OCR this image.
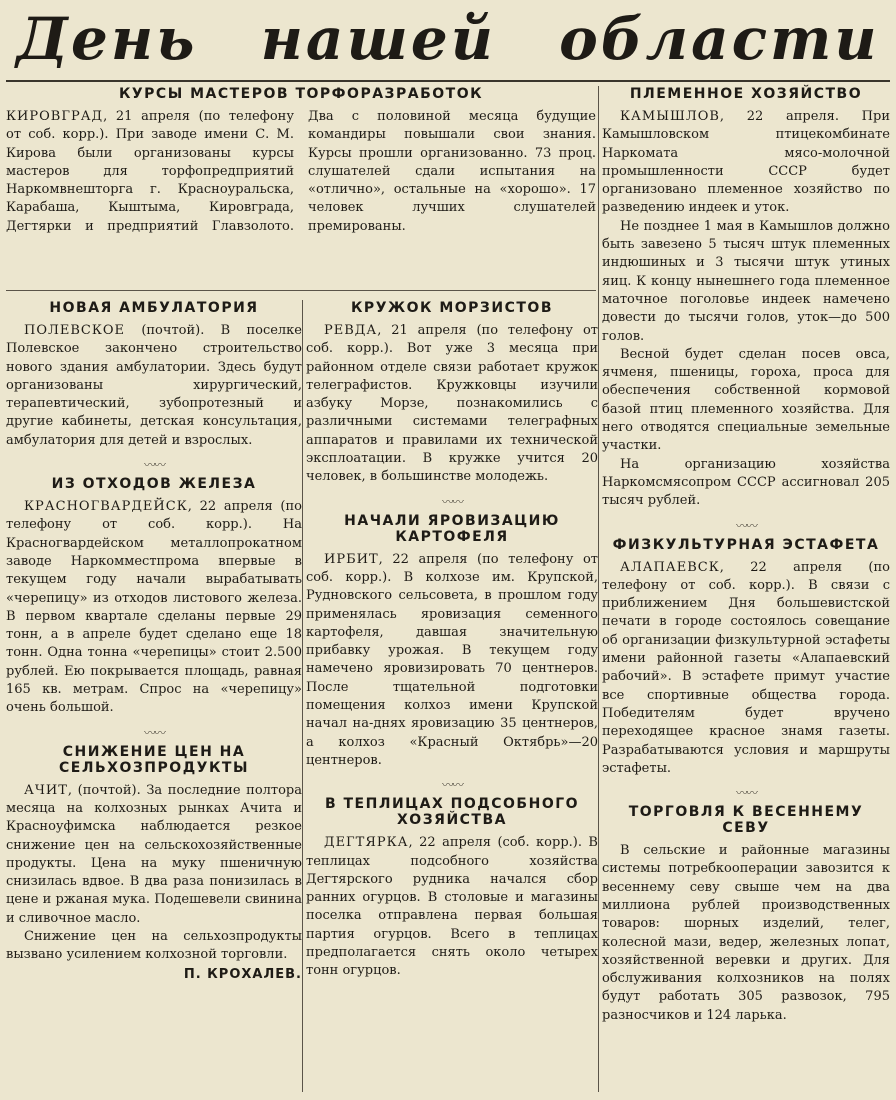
День нашей области
КУРСЫ МАСТЕРОВ ТОРФОРАЗРАБОТОК

КИРОВГРАД, 21 апреля (по телефону от соб. корр.). При заводе имени С. М. Кирова были организованы курсы мастеров для торфопредприятий Наркомвнешторга г. Красноуральска, Карабаша, Кыштыма, Кировграда, Дегтярки и предприятий Главзолото. Два с половиной месяца будущие командиры повышали свои знания. Курсы прошли организованно. 73 проц. слушателей сдали испытания на «отлично», остальные на «хорошо». 17 человек лучших слушателей премированы.

НОВАЯ АМБУЛАТОРИЯ

ПОЛЕВСКОЕ (почтой). В поселке Полевское закончено строительство нового здания амбулатории. Здесь будут организованы хирургический, терапевтический, зубопротезный и другие кабинеты, детская консультация, амбулатория для детей и взрослых.

〰〰
ИЗ ОТХОДОВ ЖЕЛЕЗА

КРАСНОГВАРДЕЙСК, 22 апреля (по телефону от соб. корр.). На Красногвардейском металлопрокатном заводе Наркомместпрома впервые в текущем году начали вырабатывать «черепицу» из отходов листового железа. В первом квартале сделаны первые 29 тонн, а в апреле будет сделано еще 18 тонн. Одна тонна «черепицы» стоит 2.500 рублей. Ею покрывается площадь, равная 165 кв. метрам. Спрос на «черепицу» очень большой.

〰〰
СНИЖЕНИЕ ЦЕН НА СЕЛЬХОЗПРОДУКТЫ

АЧИТ, (почтой). За последние полтора месяца на колхозных рынках Ачита и Красноуфимска наблюдается резкое снижение цен на сельскохозяйственные продукты. Цена на муку пшеничную снизилась вдвое. В два раза понизилась в цене и ржаная мука. Подешевели свинина и сливочное масло.

Снижение цен на сельхозпродукты вызвано усилением колхозной торговли.

П. КРОХАЛЕВ.
КРУЖОК МОРЗИСТОВ

РЕВДА, 21 апреля (по телефону от соб. корр.). Вот уже 3 месяца при районном отделе связи работает кружок телеграфистов. Кружковцы изучили азбуку Морзе, познакомились с различными системами телеграфных аппаратов и правилами их технической эксплоатации. В кружке учится 20 человек, в большинстве молодежь.

〰〰
НАЧАЛИ ЯРОВИЗАЦИЮ КАРТОФЕЛЯ

ИРБИТ, 22 апреля (по телефону от соб. корр.). В колхозе им. Крупской, Рудновского сельсовета, в прошлом году применялась яровизация семенного картофеля, давшая значительную прибавку урожая. В текущем году намечено яровизировать 70 центнеров. После тщательной подготовки помещения колхоз имени Крупской начал на-днях яровизацию 35 центнеров, а колхоз «Красный Октябрь»—20 центнеров.

〰〰
В ТЕПЛИЦАХ ПОДСОБНОГО ХОЗЯЙСТВА

ДЕГТЯРКА, 22 апреля (соб. корр.). В теплицах подсобного хозяйства Дегтярского рудника начался сбор ранних огурцов. В столовые и магазины поселка отправлена первая большая партия огурцов. Всего в теплицах предполагается снять около четырех тонн огурцов.

ПЛЕМЕННОЕ ХОЗЯЙСТВО

КАМЫШЛОВ, 22 апреля. При Камышловском птицекомбинате Наркомата мясо-молочной промышленности СССР будет организовано племенное хозяйство по разведению индеек и уток.

Не позднее 1 мая в Камышлов должно быть завезено 5 тысяч штук племенных индюшиных и 3 тысячи штук утиных яиц. К концу нынешнего года племенное маточное поголовье индеек намечено довести до тысячи голов, уток—до 500 голов.

Весной будет сделан посев овса, ячменя, пшеницы, гороха, проса для обеспечения собственной кормовой базой птиц племенного хозяйства. Для него отводятся специальные земельные участки.

На организацию хозяйства Наркомсмясопром СССР ассигновал 205 тысяч рублей.

〰〰
ФИЗКУЛЬТУРНАЯ ЭСТАФЕТА

АЛАПАЕВСК, 22 апреля (по телефону от соб. корр.). В связи с приближением Дня большевистской печати в городе состоялось совещание об организации физкультурной эстафеты имени районной газеты «Алапаевский рабочий». В эстафете примут участие все спортивные общества города. Победителям будет вручено переходящее красное знамя газеты. Разрабатываются условия и маршруты эстафеты.

〰〰
ТОРГОВЛЯ К ВЕСЕННЕМУ СЕВУ

В сельские и районные магазины системы потребкооперации завозится к весеннему севу свыше чем на два миллиона рублей производственных товаров: шорных изделий, телег, колесной мази, ведер, железных лопат, хозяйственной веревки и других. Для обслуживания колхозников на полях будут работать 305 развозок, 795 разносчиков и 124 ларька.
